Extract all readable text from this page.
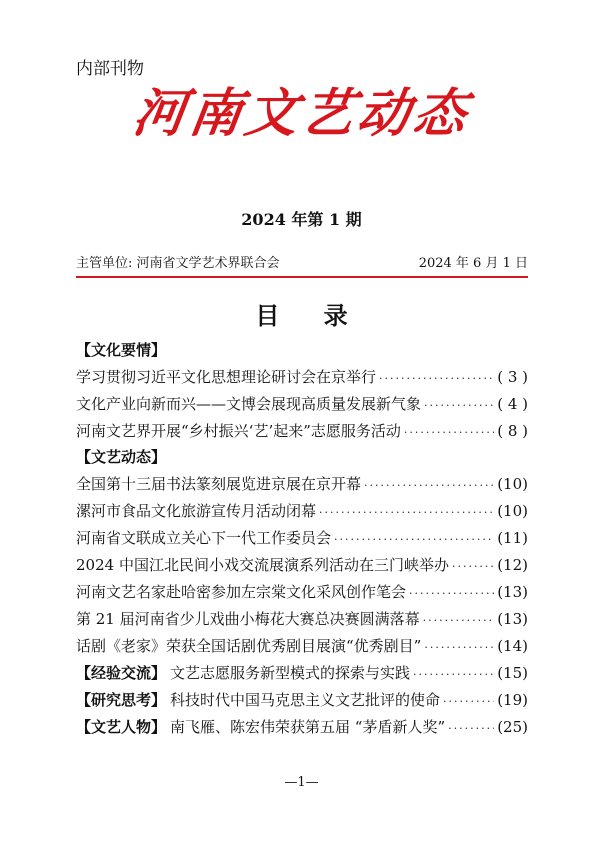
内部刊物
河南文艺动态
2024 年第 1 期
主管单位: 河南省文学艺术界联合会	2024 年 6 月 1 日
目 录
【文化要情】
学习贯彻习近平文化思想理论研讨会在京举行 ·····	( 3 )
文化产业向新而兴——文博会展现高质量发展新气象 ·····	( 4 )
河南文艺界开展“乡村振兴‘艺’起来”志愿服务活动 ·····	( 8 )
【文艺动态】
全国第十三届书法篆刻展览进京展在京开幕 ·····	(10)
漯河市食品文化旅游宣传月活动闭幕 ·····	(10)
河南省文联成立关心下一代工作委员会 ·····	(11)
2024 中国江北民间小戏交流展演系列活动在三门峡举办 ·····	(12)
河南文艺名家赴哈密参加左宗棠文化采风创作笔会 ·····	(13)
第 21 届河南省少儿戏曲小梅花大赛总决赛圆满落幕 ·····	(13)
话剧《老家》荣获全国话剧优秀剧目展演“优秀剧目” ·····	(14)
【经验交流】 文艺志愿服务新型模式的探索与实践 ·····	(15)
【研究思考】 科技时代中国马克思主义文艺批评的使命 ·····	(19)
【文艺人物】 南飞雁、陈宏伟荣获第五届 “茅盾新人奖” ·····	(25)
—1—
